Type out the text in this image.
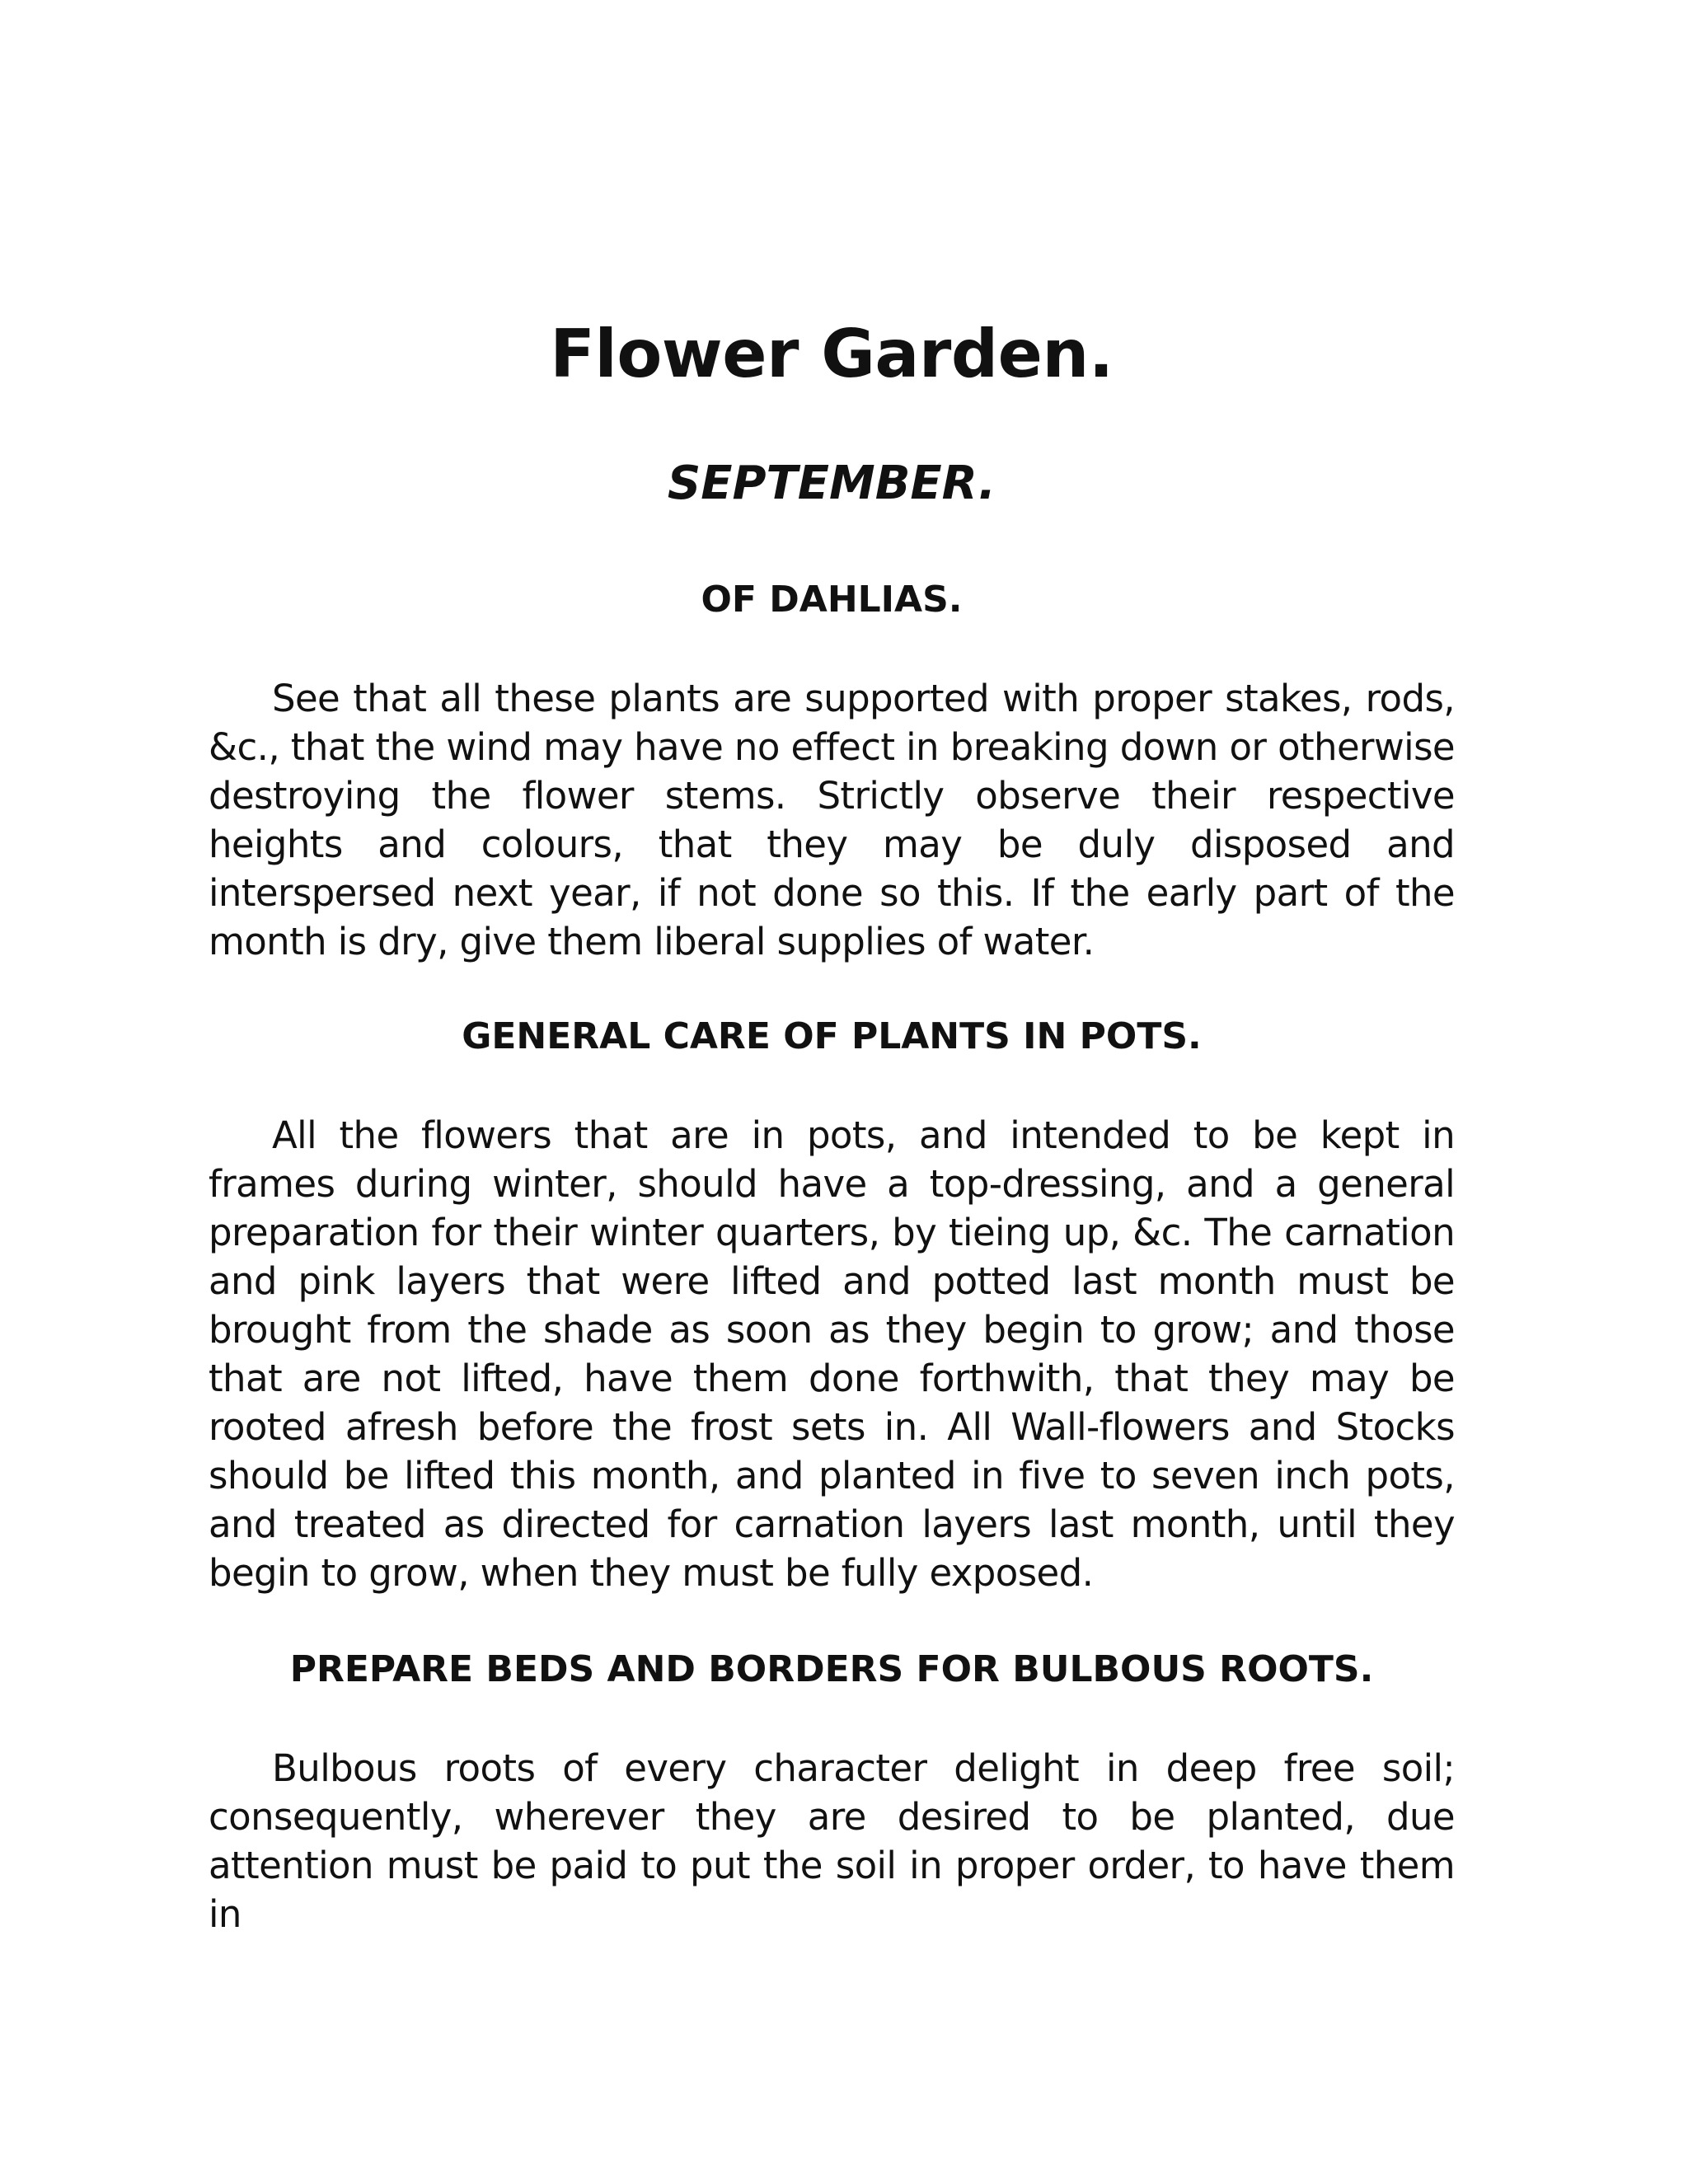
Flower Garden.
SEPTEMBER.
OF DAHLIAS.

See that all these plants are supported with proper stakes, rods, &c., that the wind may have no effect in breaking down or otherwise destroying the flower stems. Strictly observe their respective heights and colours, that they may be duly disposed and interspersed next year, if not done so this. If the early part of the month is dry, give them liberal supplies of water.

GENERAL CARE OF PLANTS IN POTS.

All the flowers that are in pots, and intended to be kept in frames during winter, should have a top-dressing, and a general preparation for their winter quarters, by tieing up, &c. The carnation and pink layers that were lifted and potted last month must be brought from the shade as soon as they begin to grow; and those that are not lifted, have them done forthwith, that they may be rooted afresh before the frost sets in. All Wall-flowers and Stocks should be lifted this month, and planted in five to seven inch pots, and treated as directed for carnation layers last month, until they begin to grow, when they must be fully exposed.

PREPARE BEDS AND BORDERS FOR BULBOUS ROOTS.

Bulbous roots of every character delight in deep free soil; consequently, wherever they are desired to be planted, due attention must be paid to put the soil in proper order, to have them in
